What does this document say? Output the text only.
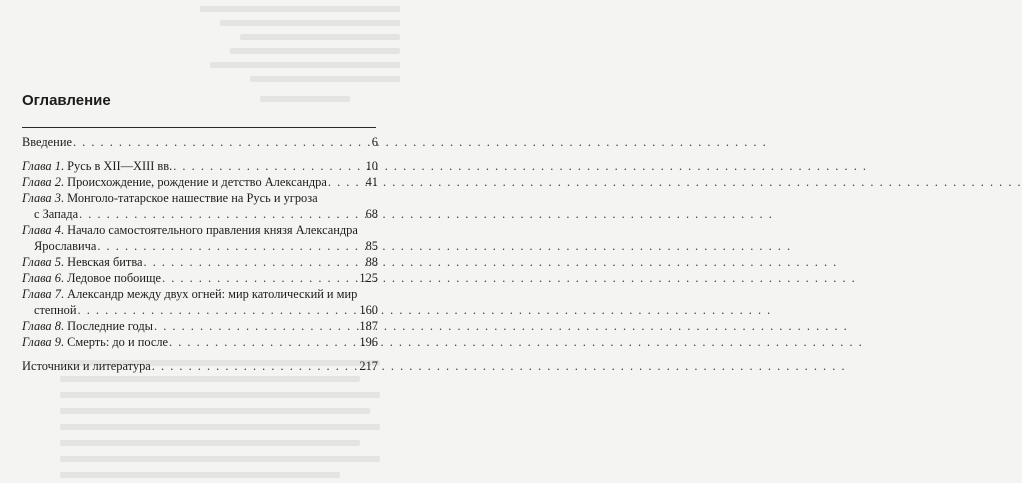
Оглавление
Введение . . .	6
Глава 1. Русь в XII—XIII вв. . . .	10
Глава 2. Происхождение, рождение и детство Александра . . .	41
Глава 3. Монголо-татарское нашествие на Русь и угроза
с Запада . . .	68
Глава 4. Начало самостоятельного правления князя Александра
Ярославича . . .	85
Глава 5. Невская битва . . .	88
Глава 6. Ледовое побоище . . .	125
Глава 7. Александр между двух огней: мир католический и мир
степной . . .	160
Глава 8. Последние годы . . .	187
Глава 9. Смерть: до и после . . .	196
Источники и литература . . .	217
